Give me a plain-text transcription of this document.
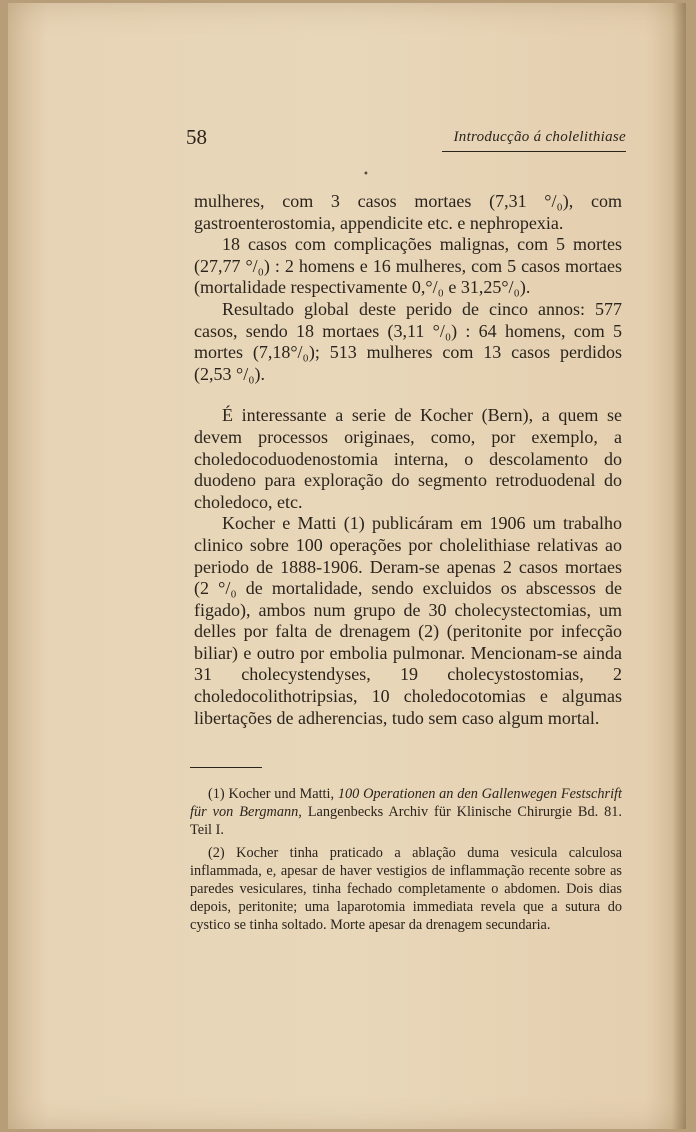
58	Introducção á cholelithiase
•

mulheres, com 3 casos mortaes (7,31 °/₀), com gastroenterostomia, appendicite etc. e nephropexia.

18 casos com complicações malignas, com 5 mortes (27,77 °/₀) : 2 homens e 16 mulheres, com 5 casos mortaes (mortalidade respectivamente 0,°/₀ e 31,25°/₀).

Resultado global deste perido de cinco annos: 577 casos, sendo 18 mortaes (3,11 °/₀) : 64 homens, com 5 mortes (7,18°/₀); 513 mulheres com 13 casos perdidos (2,53 °/₀).

É interessante a serie de Kocher (Bern), a quem se devem processos originaes, como, por exemplo, a choledocoduodenostomia interna, o descolamento do duodeno para exploração do segmento retroduodenal do choledoco, etc.

Kocher e Matti (1) publicáram em 1906 um trabalho clinico sobre 100 operações por cholelithiase relativas ao periodo de 1888-1906. Deram-se apenas 2 casos mortaes (2 °/₀ de mortalidade, sendo excluidos os abscessos de figado), ambos num grupo de 30 cholecystectomias, um delles por falta de drenagem (2) (peritonite por infecção biliar) e outro por embolia pulmonar. Mencionam-se ainda 31 cholecystendyses, 19 cholecystostomias, 2 choledocolithotripsias, 10 choledocotomias e algumas libertações de adherencias, tudo sem caso algum mortal.

(1) Kocher und Matti, 100 Operationen an den Gallenwegen Festschrift für von Bergmann, Langenbecks Archiv für Klinische Chirurgie Bd. 81. Teil I.

(2) Kocher tinha praticado a ablação duma vesicula calculosa inflammada, e, apesar de haver vestigios de inflammação recente sobre as paredes vesiculares, tinha fechado completamente o abdomen. Dois dias depois, peritonite; uma laparotomia immediata revela que a sutura do cystico se tinha soltado. Morte apesar da drenagem secundaria.
